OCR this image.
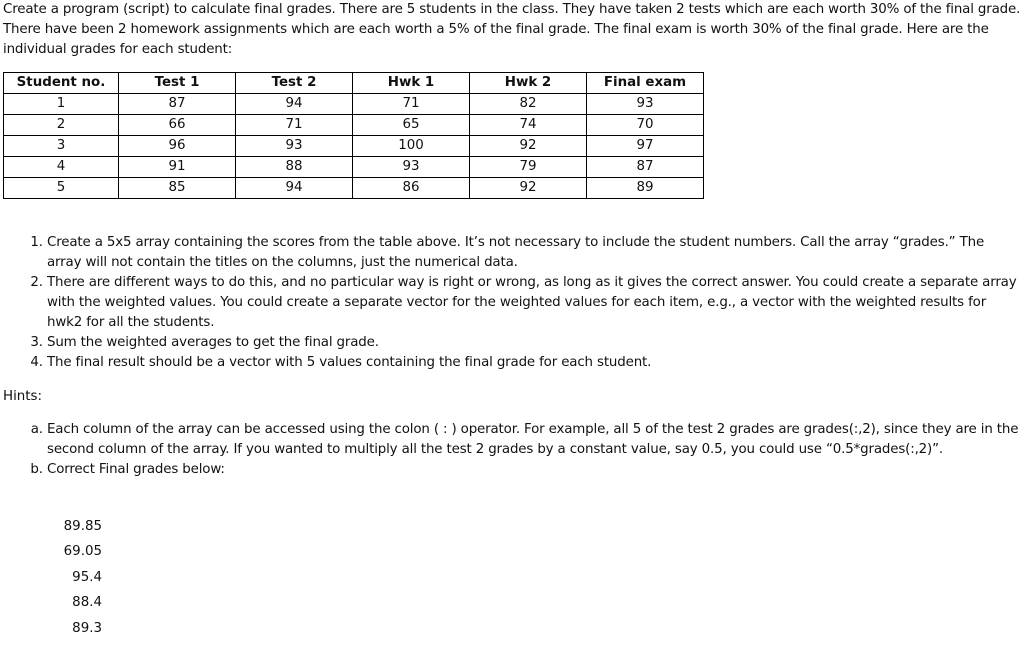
Create a program (script) to calculate final grades. There are 5 students in the class. They have taken 2 tests which are each worth 30% of the final grade. There have been 2 homework assignments which are each worth a 5% of the final grade. The final exam is worth 30% of the final grade. Here are the individual grades for each student:

Student no.	Test 1	Test 2	Hwk 1	Hwk 2	Final exam
1	87	94	71	82	93
2	66	71	65	74	70
3	96	93	100	92	97
4	91	88	93	79	87
5	85	94	86	92	89
1. Create a 5x5 array containing the scores from the table above. It’s not necessary to include the student numbers. Call the array “grades.” The array will not contain the titles on the columns, just the numerical data.
2. There are different ways to do this, and no particular way is right or wrong, as long as it gives the correct answer. You could create a separate array with the weighted values. You could create a separate vector for the weighted values for each item, e.g., a vector with the weighted results for hwk2 for all the students.
3. Sum the weighted averages to get the final grade.
4. The final result should be a vector with 5 values containing the final grade for each student.

Hints:

a. Each column of the array can be accessed using the colon ( : ) operator. For example, all 5 of the test 2 grades are grades(:,2), since they are in the second column of the array. If you wanted to multiply all the test 2 grades by a constant value, say 0.5, you could use “0.5*grades(:,2)”.
b. Correct Final grades below:
89.85
69.05
95.4
88.4
89.3
